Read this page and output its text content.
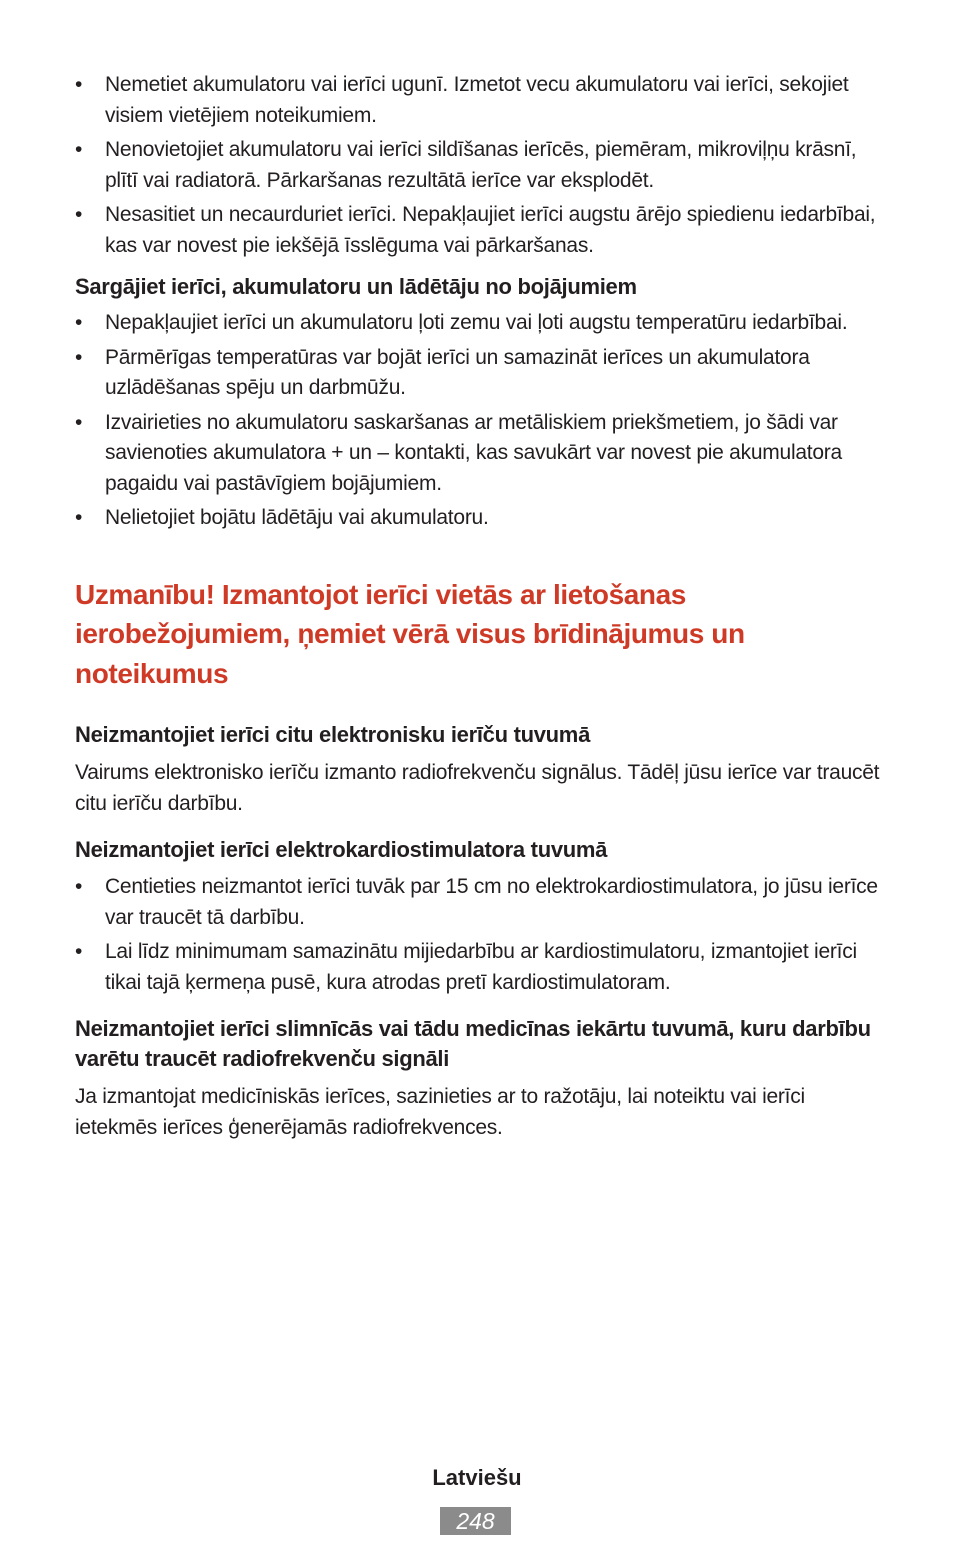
• Nemetiet akumulatoru vai ierīci ugunī. Izmetot vecu akumulatoru vai ierīci, sekojiet visiem vietējiem noteikumiem.
• Nenovietojiet akumulatoru vai ierīci sildīšanas ierīcēs, piemēram, mikroviļņu krāsnī, plītī vai radiatorā. Pārkaršanas rezultātā ierīce var eksplodēt.
• Nesasitiet un necaurduriet ierīci. Nepakļaujiet ierīci augstu ārējo spiedienu iedarbībai, kas var novest pie iekšējā īsslēguma vai pārkaršanas.
Sargājiet ierīci, akumulatoru un lādētāju no bojājumiem
• Nepakļaujiet ierīci un akumulatoru ļoti zemu vai ļoti augstu temperatūru iedarbībai.
• Pārmērīgas temperatūras var bojāt ierīci un samazināt ierīces un akumulatora uzlādēšanas spēju un darbmūžu.
• Izvairieties no akumulatoru saskaršanas ar metāliskiem priekšmetiem, jo šādi var savienoties akumulatora + un – kontakti, kas savukārt var novest pie akumulatora pagaidu vai pastāvīgiem bojājumiem.
• Nelietojiet bojātu lādētāju vai akumulatoru.
Uzmanību! Izmantojot ierīci vietās ar lietošanas ierobežojumiem, ņemiet vērā visus brīdinājumus un noteikumus
Neizmantojiet ierīci citu elektronisku ierīču tuvumā

Vairums elektronisko ierīču izmanto radiofrekvenču signālus. Tādēļ jūsu ierīce var traucēt citu ierīču darbību.

Neizmantojiet ierīci elektrokardiostimulatora tuvumā
• Centieties neizmantot ierīci tuvāk par 15 cm no elektrokardiostimulatora, jo jūsu ierīce var traucēt tā darbību.
• Lai līdz minimumam samazinātu mijiedarbību ar kardiostimulatoru, izmantojiet ierīci tikai tajā ķermeņa pusē, kura atrodas pretī kardiostimulatoram.
Neizmantojiet ierīci slimnīcās vai tādu medicīnas iekārtu tuvumā, kuru darbību varētu traucēt radiofrekvenču signāli

Ja izmantojat medicīniskās ierīces, sazinieties ar to ražotāju, lai noteiktu vai ierīci ietekmēs ierīces ģenerējamās radiofrekvences.

Latviešu
248
